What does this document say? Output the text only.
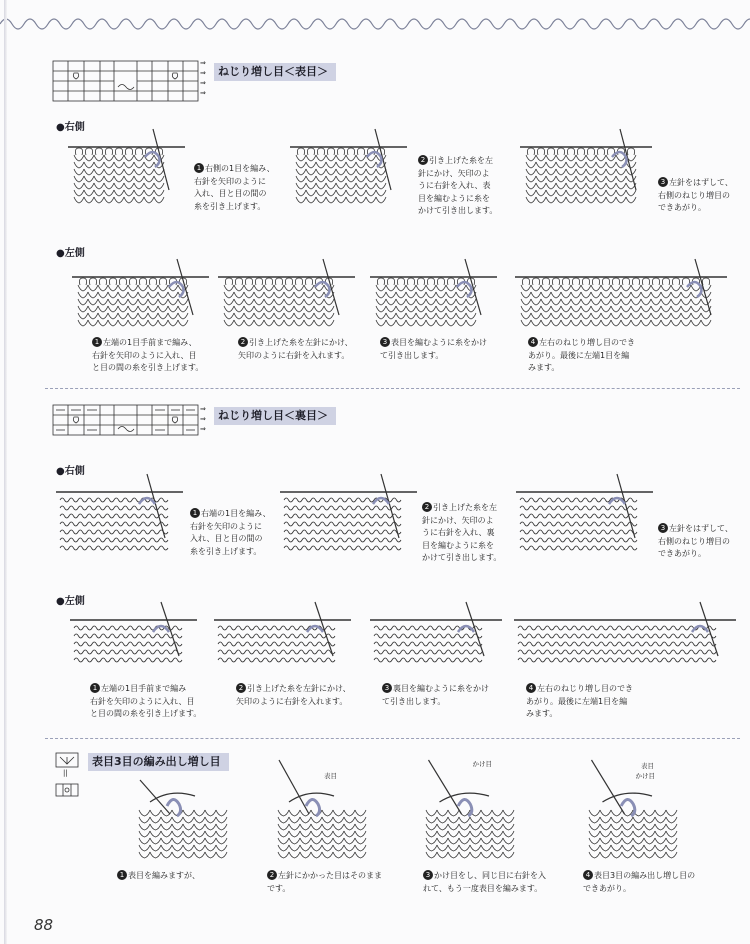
⇒
⇒
⇒
⇒
ねじり増し目＜表目＞
●右側
1 右側の1目を編み、
右針を矢印のように
入れ、目と目の間の
糸を引き上げます。
2 引き上げた糸を左
針にかけ、矢印のよ
うに右針を入れ、表
目を編むように糸を
かけて引き出します。
3 左針をはずして、
右側のねじり増目の
できあがり。
●左側
1 左端の1目手前まで編み、
右針を矢印のように入れ、目
と目の間の糸を引き上げます。
2 引き上げた糸を左針にかけ、
矢印のように右針を入れます。
3 表目を編むように糸をかけ
て引き出します。
4 左右のねじり増し目のでき
あがり。最後に左端1目を編
みます。
⇒
⇒
⇒
ねじり増し目＜裏目＞
●右側
1 右端の1目を編み、
右針を矢印のように
入れ、目と目の間の
糸を引き上げます。
2 引き上げた糸を左
針にかけ、矢印のよ
うに右針を入れ、裏
目を編むように糸を
かけて引き出します。
3 左針をはずして、
右側のねじり増目の
できあがり。
●左側
1 左端の1目手前まで編み
右針を矢印のように入れ、目
と目の間の糸を引き上げます。
2 引き上げた糸を左針にかけ、
矢印のように右針を入れます。
3 裏目を編むように糸をかけ
て引き出します。
4 左右のねじり増し目のでき
あがり。最後に左端1目を編
みます。
||
表目3目の編み出し増し目
1 表目を編みますが、
表目
2 左針にかかった目はそのまま
です。
かけ目
3 かけ目をし、同じ目に右針を入
れて、もう一度表目を編みます。
表目
かけ目
4 表目3目の編み出し増し目の
できあがり。
88
